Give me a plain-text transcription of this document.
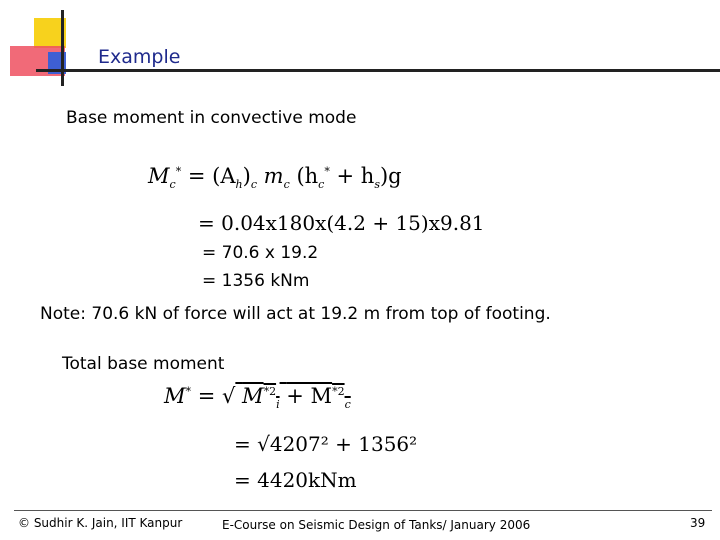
Example
Base moment in convective mode
$M_c^* = (A_h)_c$ $m_c$ $(h_c^* + h_s)g$
= 0.04x180x(4.2 + 15)x9.81
= 70.6 x 19.2
= 1356 kNm
Note: 70.6 kN of force will act at 19.2 m from top of footing.
Total base moment
M* = √ $M^{*2}_i + M^{*2}_c$
= √4207² + 1356²
= 4420kNm
© Sudhir K. Jain, IIT Kanpur	E-Course on Seismic Design of Tanks/ January 2006	39
